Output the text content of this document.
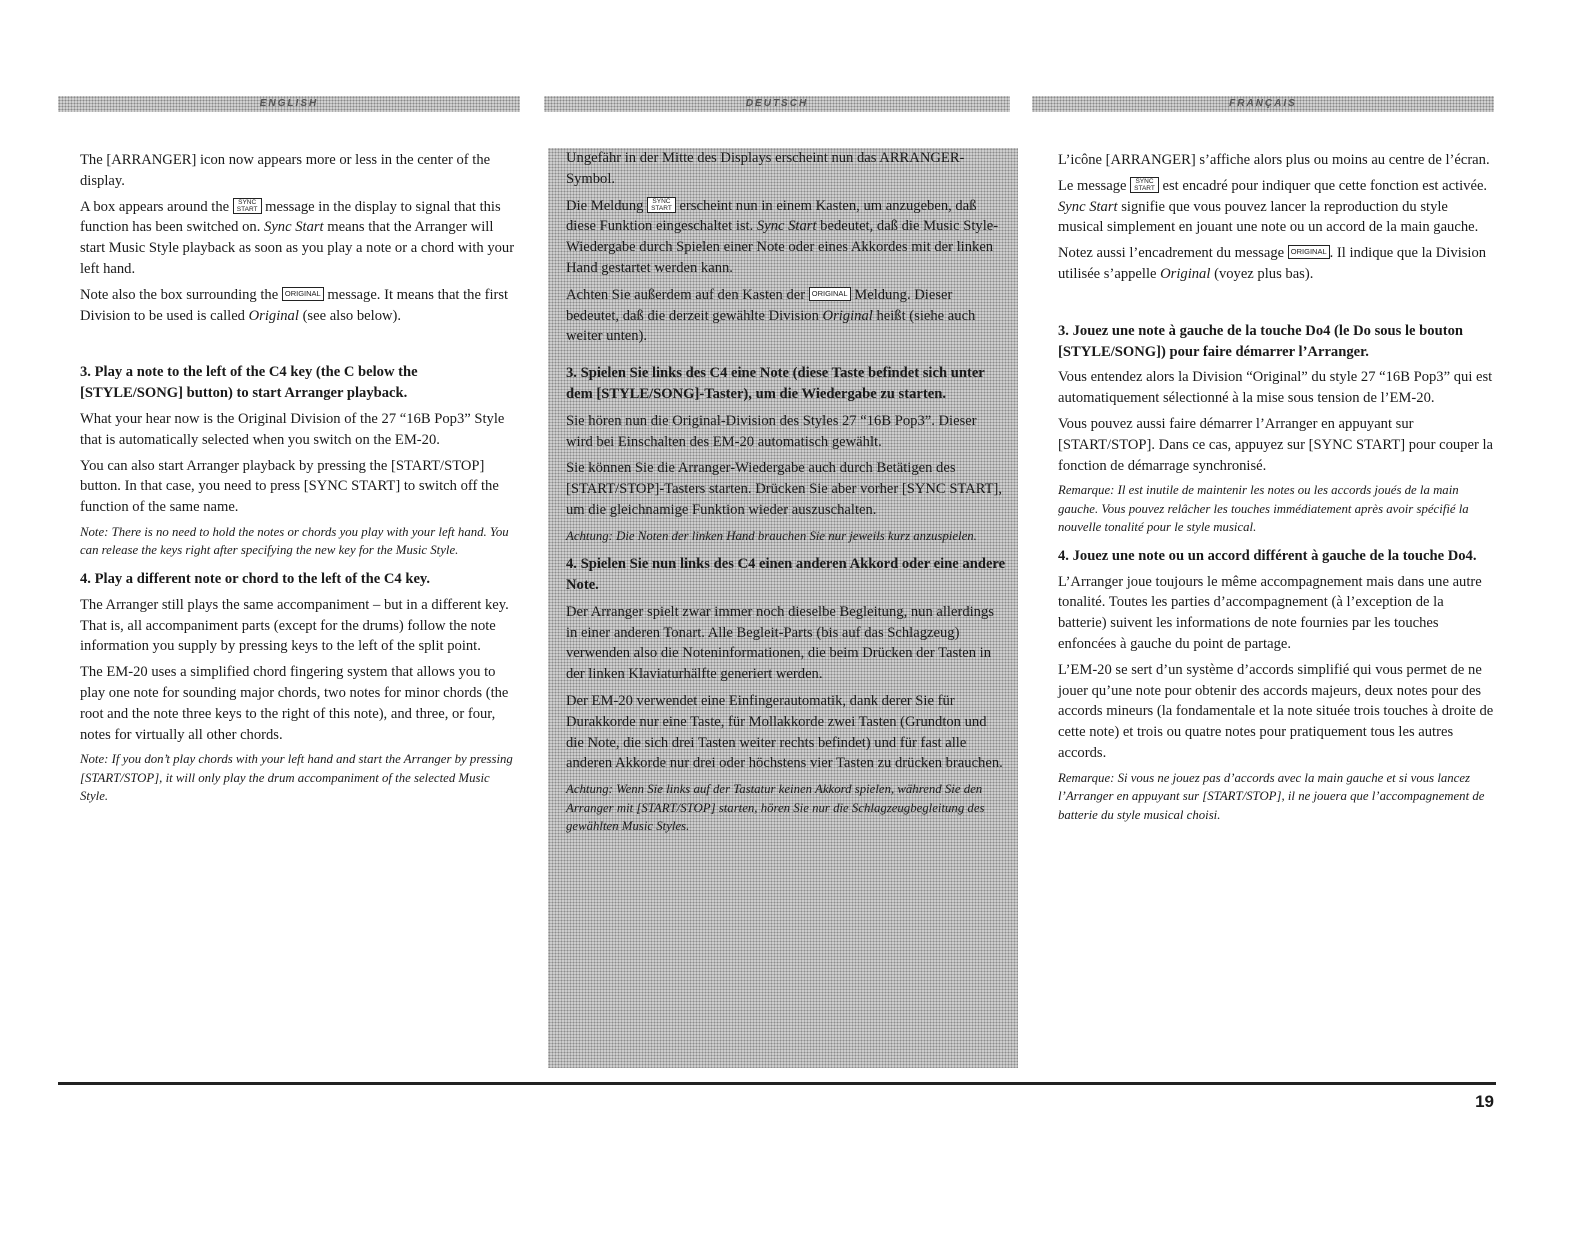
ENGLISH	DEUTSCH	FRANÇAIS

The [ARRANGER] icon now appears more or less in the center of the display.

A box appears around the SYNC
START message in the display to signal that this function has been switched on. Sync Start means that the Arranger will start Music Style playback as soon as you play a note or a chord with your left hand.

Note also the box surrounding the ORIGINAL message. It means that the first Division to be used is called Original (see also below).

3. Play a note to the left of the C4 key (the C below the [STYLE/SONG] button) to start Arranger playback.

What your hear now is the Original Division of the 27 “16B Pop3” Style that is automatically selected when you switch on the EM-20.

You can also start Arranger playback by pressing the [START/STOP] button. In that case, you need to press [SYNC START] to switch off the function of the same name.

Note: There is no need to hold the notes or chords you play with your left hand. You can release the keys right after specifying the new key for the Music Style.

4. Play a different note or chord to the left of the C4 key.

The Arranger still plays the same accompaniment – but in a different key. That is, all accompaniment parts (except for the drums) follow the note information you supply by pressing keys to the left of the split point.

The EM-20 uses a simplified chord fingering system that allows you to play one note for sounding major chords, two notes for minor chords (the root and the note three keys to the right of this note), and three, or four, notes for virtually all other chords.

Note: If you don’t play chords with your left hand and start the Arranger by pressing [START/STOP], it will only play the drum accompaniment of the selected Music Style.

Ungefähr in der Mitte des Displays erscheint nun das ARRANGER-Symbol.

Die Meldung SYNC
START erscheint nun in einem Kasten, um anzugeben, daß diese Funktion eingeschaltet ist. Sync Start bedeutet, daß die Music Style-Wiedergabe durch Spielen einer Note oder eines Akkordes mit der linken Hand gestartet werden kann.

Achten Sie außerdem auf den Kasten der ORIGINAL Meldung. Dieser bedeutet, daß die derzeit gewählte Division Original heißt (siehe auch weiter unten).

3. Spielen Sie links des C4 eine Note (diese Taste befindet sich unter dem [STYLE/SONG]-Taster), um die Wiedergabe zu starten.

Sie hören nun die Original-Division des Styles 27 “16B Pop3”. Dieser wird bei Einschalten des EM-20 automatisch gewählt.

Sie können Sie die Arranger-Wiedergabe auch durch Betätigen des [START/STOP]-Tasters starten. Drücken Sie aber vorher [SYNC START], um die gleichnamige Funktion wieder auszuschalten.

Achtung: Die Noten der linken Hand brauchen Sie nur jeweils kurz anzuspielen.

4. Spielen Sie nun links des C4 einen anderen Akkord oder eine andere Note.

Der Arranger spielt zwar immer noch dieselbe Begleitung, nun allerdings in einer anderen Tonart. Alle Begleit-Parts (bis auf das Schlagzeug) verwenden also die Noteninformationen, die beim Drücken der Tasten in der linken Klaviaturhälfte generiert werden.

Der EM-20 verwendet eine Einfingerautomatik, dank derer Sie für Durakkorde nur eine Taste, für Mollakkorde zwei Tasten (Grundton und die Note, die sich drei Tasten weiter rechts befindet) und für fast alle anderen Akkorde nur drei oder höchstens vier Tasten zu drücken brauchen.

Achtung: Wenn Sie links auf der Tastatur keinen Akkord spielen, während Sie den Arranger mit [START/STOP] starten, hören Sie nur die Schlagzeugbegleitung des gewählten Music Styles.

L’icône [ARRANGER] s’affiche alors plus ou moins au centre de l’écran.

Le message SYNC
START est encadré pour indiquer que cette fonction est activée. Sync Start signifie que vous pouvez lancer la reproduction du style musical simplement en jouant une note ou un accord de la main gauche.

Notez aussi l’encadrement du message ORIGINAL . Il indique que la Division utilisée s’appelle Original (voyez plus bas).

3. Jouez une note à gauche de la touche Do4 (le Do sous le bouton [STYLE/SONG]) pour faire démarrer l’Arranger.

Vous entendez alors la Division “Original” du style 27 “16B Pop3” qui est automatiquement sélectionné à la mise sous tension de l’EM-20.

Vous pouvez aussi faire démarrer l’Arranger en appuyant sur [START/STOP]. Dans ce cas, appuyez sur [SYNC START] pour couper la fonction de démarrage synchronisé.

Remarque: Il est inutile de maintenir les notes ou les accords joués de la main gauche. Vous pouvez relâcher les touches immédiatement après avoir spécifié la nouvelle tonalité pour le style musical.

4. Jouez une note ou un accord différent à gauche de la touche Do4.

L’Arranger joue toujours le même accompagnement mais dans une autre tonalité. Toutes les parties d’accompagnement (à l’exception de la batterie) suivent les informations de note fournies par les touches enfoncées à gauche du point de partage.

L’EM-20 se sert d’un système d’accords simplifié qui vous permet de ne jouer qu’une note pour obtenir des accords majeurs, deux notes pour des accords mineurs (la fondamentale et la note située trois touches à droite de cette note) et trois ou quatre notes pour pratiquement tous les autres accords.

Remarque: Si vous ne jouez pas d’accords avec la main gauche et si vous lancez l’Arranger en appuyant sur [START/STOP], il ne jouera que l’accompagnement de batterie du style musical choisi.

19
